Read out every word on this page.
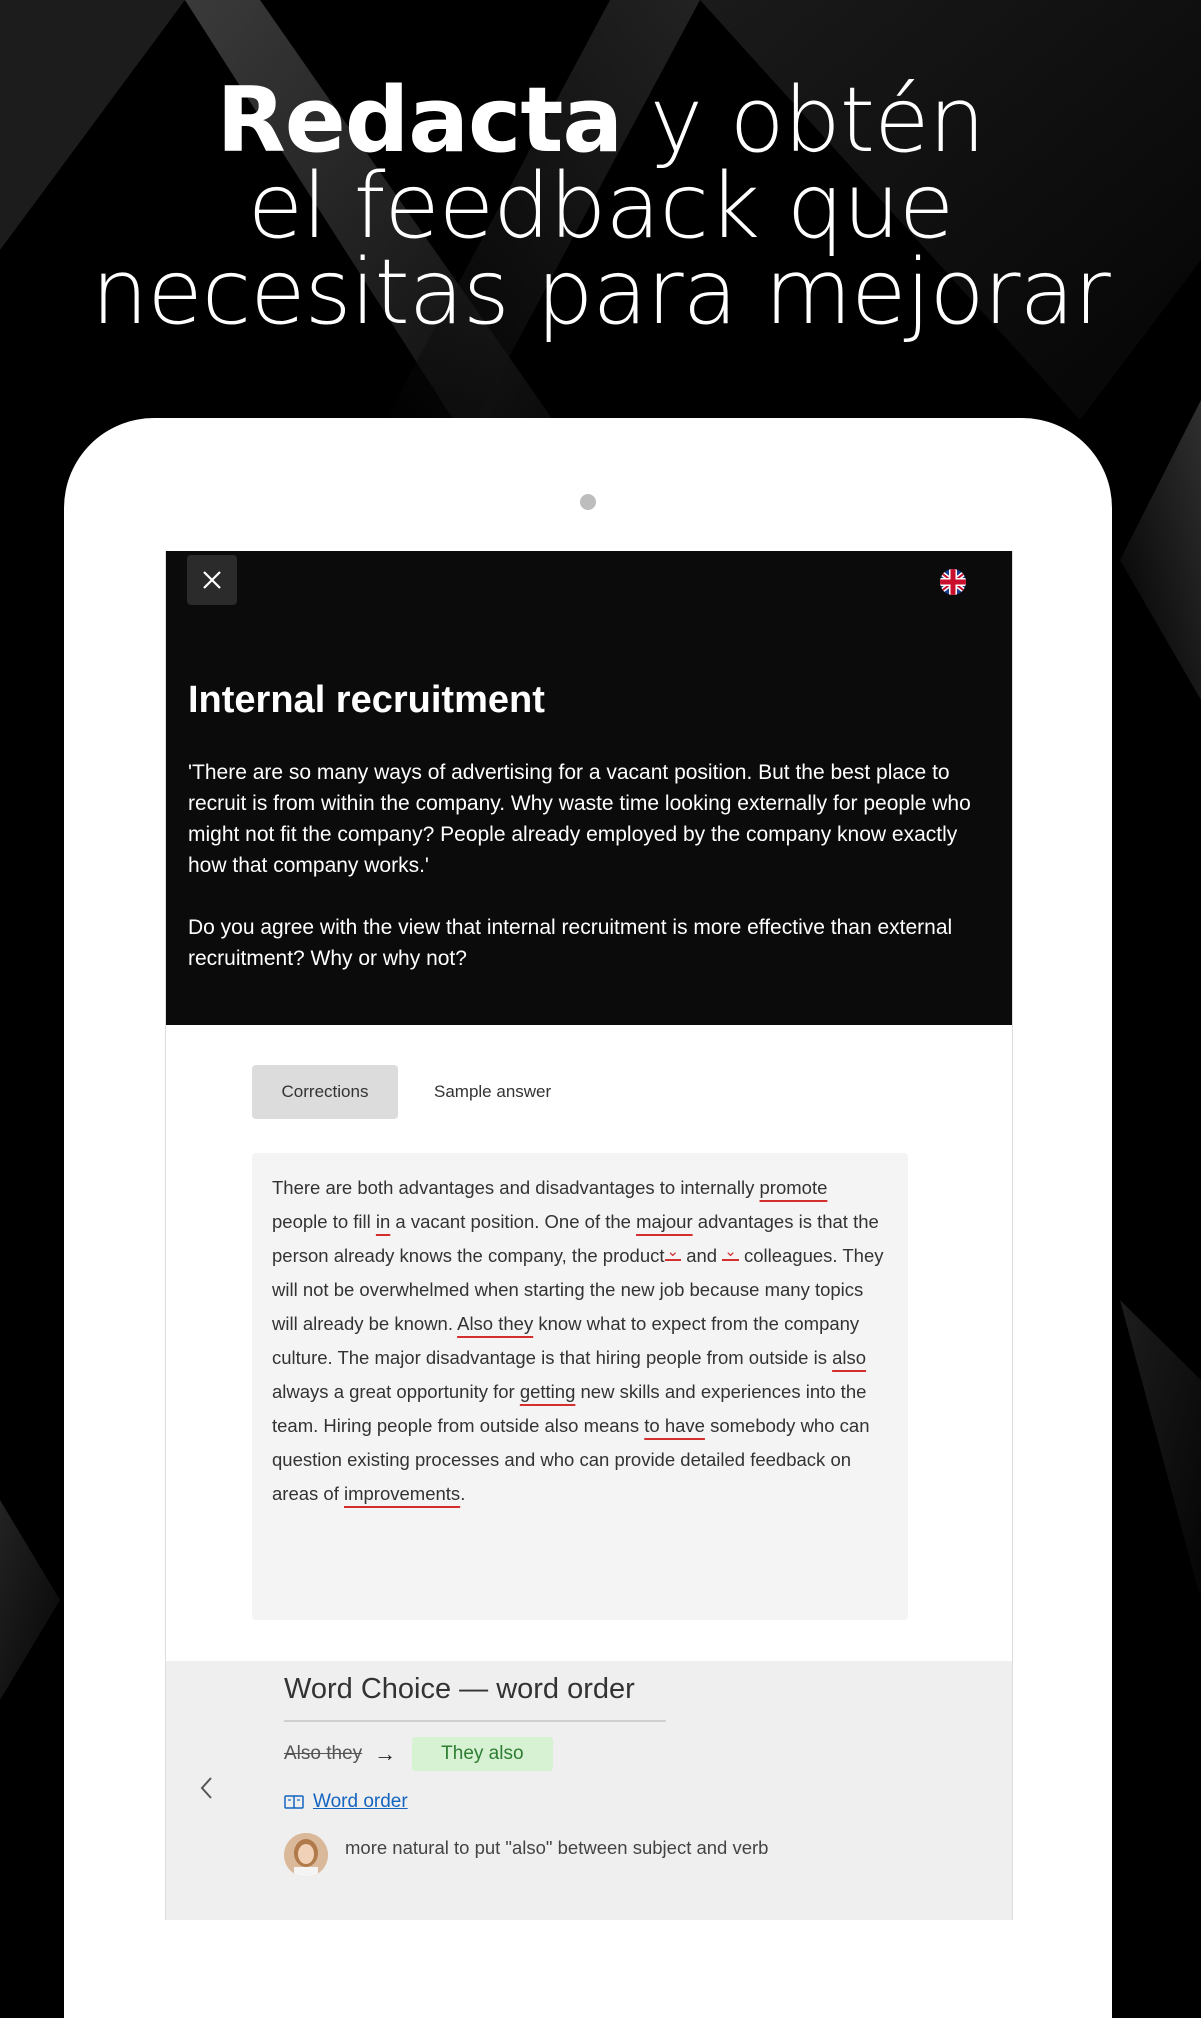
Redacta y obtén
el feedback que
necesitas para mejorar
Internal recruitment

'There are so many ways of advertising for a vacant position. But the best place to recruit is from within the company. Why waste time looking externally for people who might not fit the company? People already employed by the company know exactly how that company works.'

Do you agree with the view that internal recruitment is more effective than external recruitment? Why or why not?

Corrections	Sample answer
There are both advantages and disadvantages to internally promote people to fill in a vacant position. One of the majour advantages is that the person already knows the company, the product ⌄ and ⌄ colleagues. They will not be overwhelmed when starting the new job because many topics will already be known. Also they know what to expect from the company culture. The major disadvantage is that hiring people from outside is also always a great opportunity for getting new skills and experiences into the team. Hiring people from outside also means to have somebody who can question existing processes and who can provide detailed feedback on areas of improvements.
Word Choice — word order
Also they →	They also
Word order
more natural to put "also" between subject and verb
